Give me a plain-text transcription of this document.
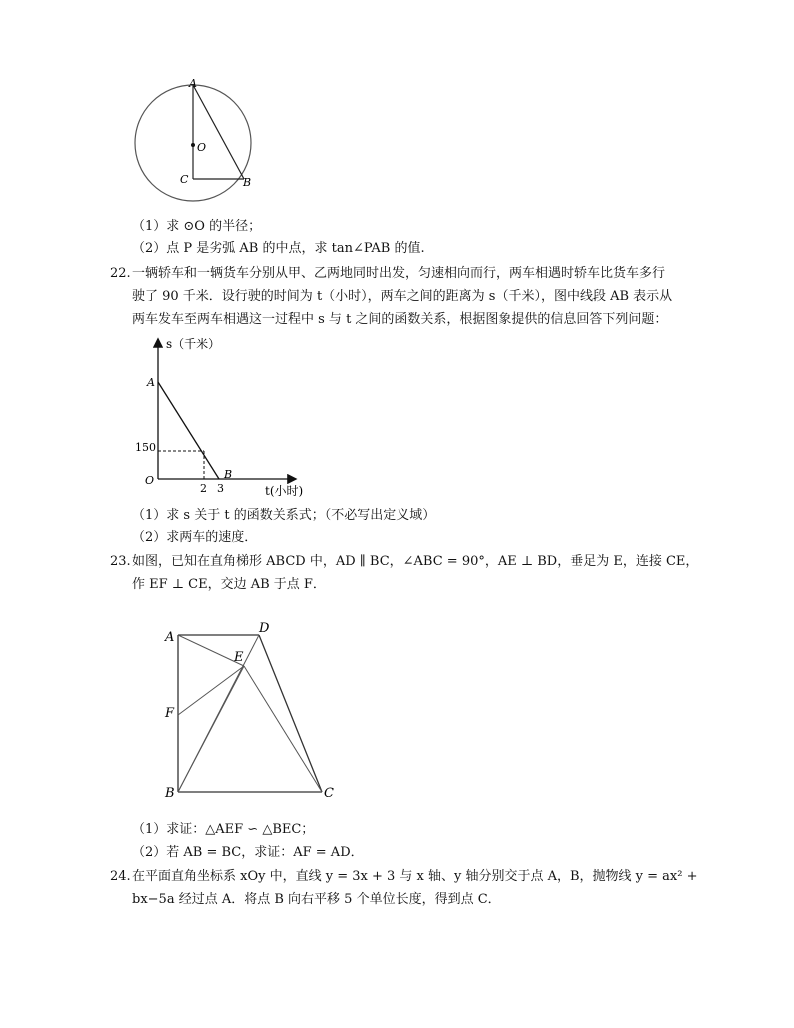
A
O
C	B
（1）求 ⊙O 的半径；
（2）点 P 是劣弧 AB 的中点，求 tan∠PAB 的值.
22. 一辆轿车和一辆货车分别从甲、乙两地同时出发，匀速相向而行，两车相遇时轿车比货车多行
驶了 90 千米．设行驶的时间为 t（小时），两车之间的距离为 s（千米），图中线段 AB 表示从
两车发车至两车相遇这一过程中 s 与 t 之间的函数关系，根据图象提供的信息回答下列问题：
s（千米）
t(小时)
A
150
O
2 3
B
（1）求 s 关于 t 的函数关系式；（不必写出定义域）
（2）求两车的速度．
23. 如图，已知在直角梯形 ABCD 中，AD ∥ BC，∠ABC = 90°，AE ⊥ BD，垂足为 E，连接 CE，
作 EF ⊥ CE，交边 AB 于点 F．
A
D
E
F
B	C
（1）求证：△AEF ∽ △BEC；
（2）若 AB = BC，求证：AF = AD．
24. 在平面直角坐标系 xOy 中，直线 y = 3x + 3 与 x 轴、y 轴分别交于点 A，B，抛物线 y = ax² +
bx−5a 经过点 A．将点 B 向右平移 5 个单位长度，得到点 C．
